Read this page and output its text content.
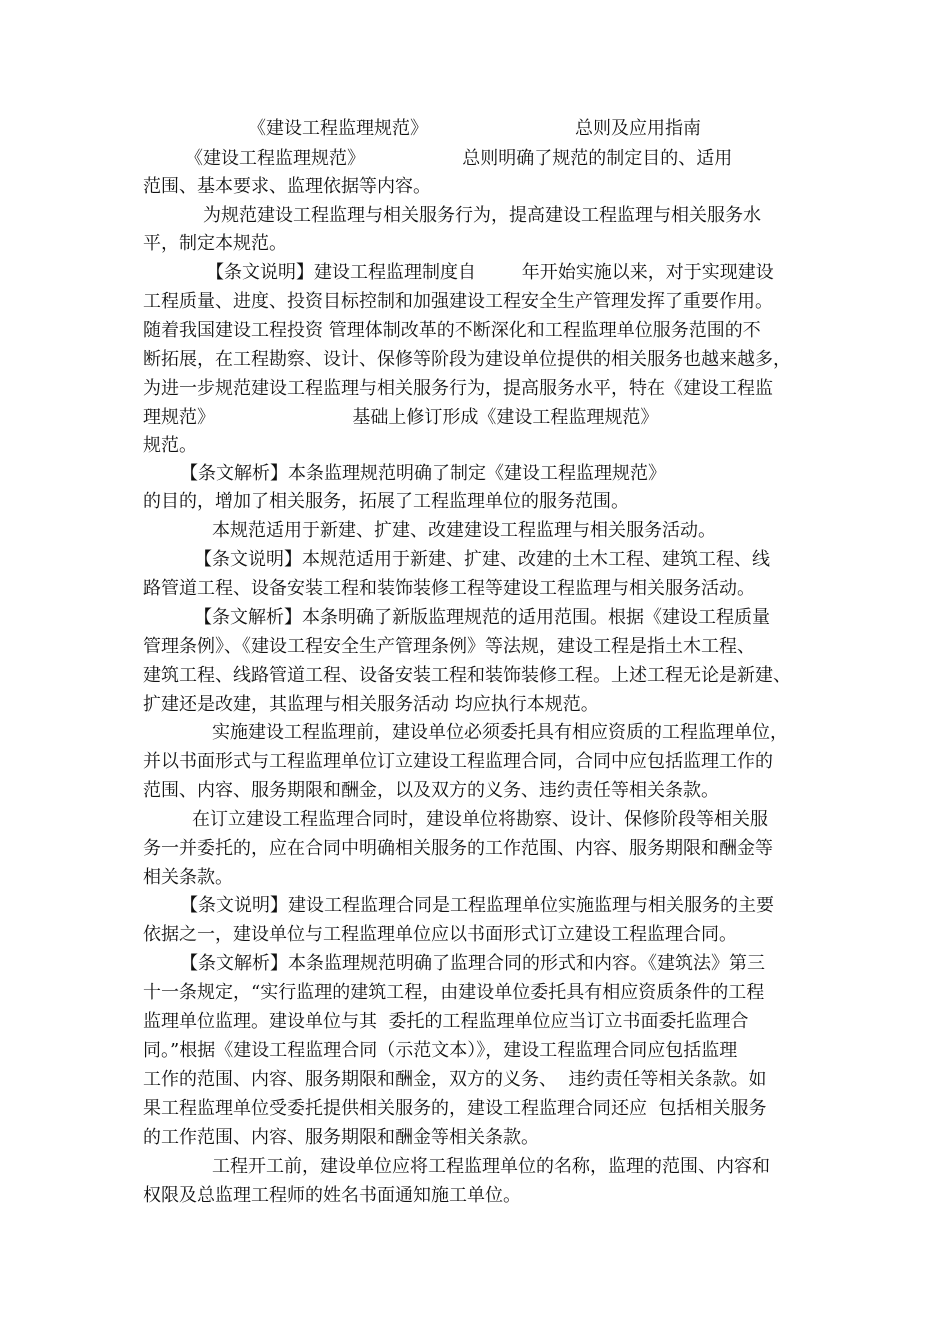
《建设工程监理规范》	总则及应用指南
《建设工程监理规范》                 总则明确了规范的制定目的、适用
范围、基本要求、监理依据等内容。
为规范建设工程监理与相关服务行为，提高建设工程监理与相关服务水
平，制定本规范。
【条文说明】建设工程监理制度自        年开始实施以来，对于实现建设
工程质量、进度、投资目标控制和加强建设工程安全生产管理发挥了重要作用。
随着我国建设工程投资 管理体制改革的不断深化和工程监理单位服务范围的不
断拓展，在工程勘察、设计、保修等阶段为建设单位提供的相关服务也越来越多，
为进一步规范建设工程监理与相关服务行为，提高服务水平，特在《建设工程监
理规范》                        基础上修订形成《建设工程监理规范》
规范。
【条文解析】本条监理规范明确了制定《建设工程监理规范》
的目的，增加了相关服务，拓展了工程监理单位的服务范围。
本规范适用于新建、扩建、改建建设工程监理与相关服务活动。
【条文说明】本规范适用于新建、扩建、改建的土木工程、建筑工程、线
路管道工程、设备安装工程和装饰装修工程等建设工程监理与相关服务活动。
【条文解析】本条明确了新版监理规范的适用范围。根据《建设工程质量
管理条例》、《建设工程安全生产管理条例》等法规，建设工程是指土木工程、
建筑工程、线路管道工程、设备安装工程和装饰装修工程。上述工程无论是新建、
扩建还是改建，其监理与相关服务活动 均应执行本规范。
实施建设工程监理前，建设单位必须委托具有相应资质的工程监理单位，
并以书面形式与工程监理单位订立建设工程监理合同，合同中应包括监理工作的
范围、内容、服务期限和酬金，以及双方的义务、违约责任等相关条款。
在订立建设工程监理合同时，建设单位将勘察、设计、保修阶段等相关服
务一并委托的，应在合同中明确相关服务的工作范围、内容、服务期限和酬金等
相关条款。
【条文说明】建设工程监理合同是工程监理单位实施监理与相关服务的主要
依据之一，建设单位与工程监理单位应以书面形式订立建设工程监理合同。
【条文解析】本条监理规范明确了监理合同的形式和内容。《建筑法》第三
十一条规定，“实行监理的建筑工程，由建设单位委托具有相应资质条件的工程
监理单位监理。建设单位与其  委托的工程监理单位应当订立书面委托监理合
同。”根据《建设工程监理合同（示范文本）》，建设工程监理合同应包括监理
工作的范围、内容、服务期限和酬金，双方的义务、  违约责任等相关条款。如
果工程监理单位受委托提供相关服务的，建设工程监理合同还应  包括相关服务
的工作范围、内容、服务期限和酬金等相关条款。
工程开工前，建设单位应将工程监理单位的名称，监理的范围、内容和
权限及总监理工程师的姓名书面通知施工单位。
